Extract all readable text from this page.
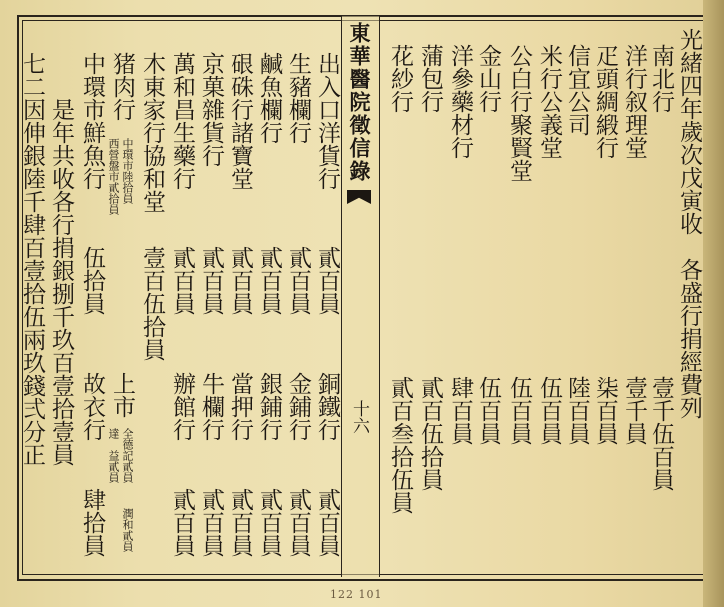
東華醫院徵信錄
十六	光緒四年歲次戊寅收　各盛行捐經費列
南北行
壹千伍百員
洋行叙理堂
壹千員
疋頭綢緞行
柒百員
信宜公司
陸百員
米行公義堂
伍百員
公白行聚賢堂
伍百員
金山行
伍百員
洋參藥材行
肆百員
蒲包行
貳百伍拾員
花紗行
貳百叁拾伍員
出入口洋貨行
貳百員
銅鐵行
貳百員
生豬欄行
貳百員
金鋪行
貳百員
鹹魚欄行
貳百員
銀鋪行
貳百員
硍硃行諸寶堂
貳百員
當押行
貳百員
京菓雜貨行
貳百員
牛欄行
貳百員
萬和昌生藥行
貳百員
辦館行
貳百員
木東家行協和堂
壹百伍拾員
猪肉行
中環市陸拾員
西營盤市貳拾員
上市
全德記貳員
達　益貳員
潤和貳員
中環市鮮魚行
伍拾員
故衣行
肆拾員
是年共收各行捐銀捌千玖百壹拾壹員
七二因伸銀陸千肆百壹拾伍兩玖錢弍分正
122 101
